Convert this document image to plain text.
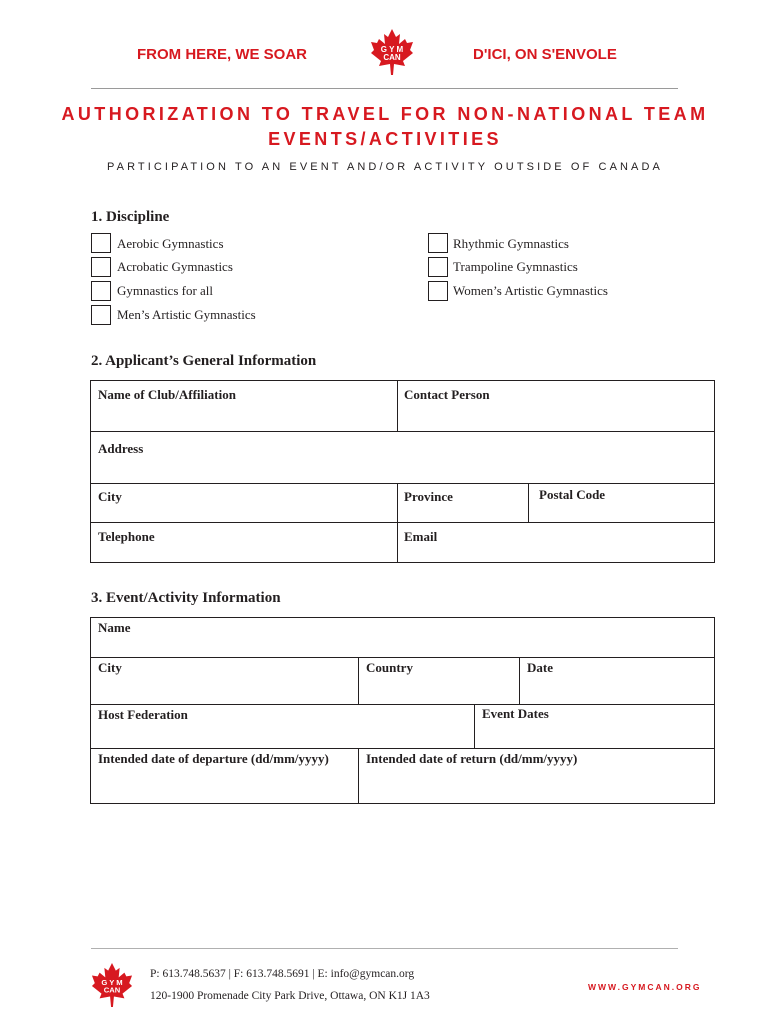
FROM HERE, WE SOAR	G Y M
CAN	D'ICI, ON S'ENVOLE
AUTHORIZATION TO TRAVEL FOR NON-NATIONAL TEAM
EVENTS/ACTIVITIES
PARTICIPATION TO AN EVENT AND/OR ACTIVITY OUTSIDE OF CANADA
1. Discipline
Aerobic Gymnastics
Acrobatic Gymnastics
Gymnastics for all
Men’s Artistic Gymnastics
Rhythmic Gymnastics
Trampoline Gymnastics
Women’s Artistic Gymnastics
2. Applicant’s General Information
Name of Club/Affiliation	Contact Person
Address
City	Province	Postal Code
Telephone	Email
3. Event/Activity Information
Name
City	Country	Date
Host Federation	Event Dates
Intended date of departure (dd/mm/yyyy)	Intended date of return (dd/mm/yyyy)
G Y M
CAN
P: 613.748.5637 | F: 613.748.5691 | E: info@gymcan.org
120-1900 Promenade City Park Drive, Ottawa, ON K1J 1A3
WWW.GYMCAN.ORG
